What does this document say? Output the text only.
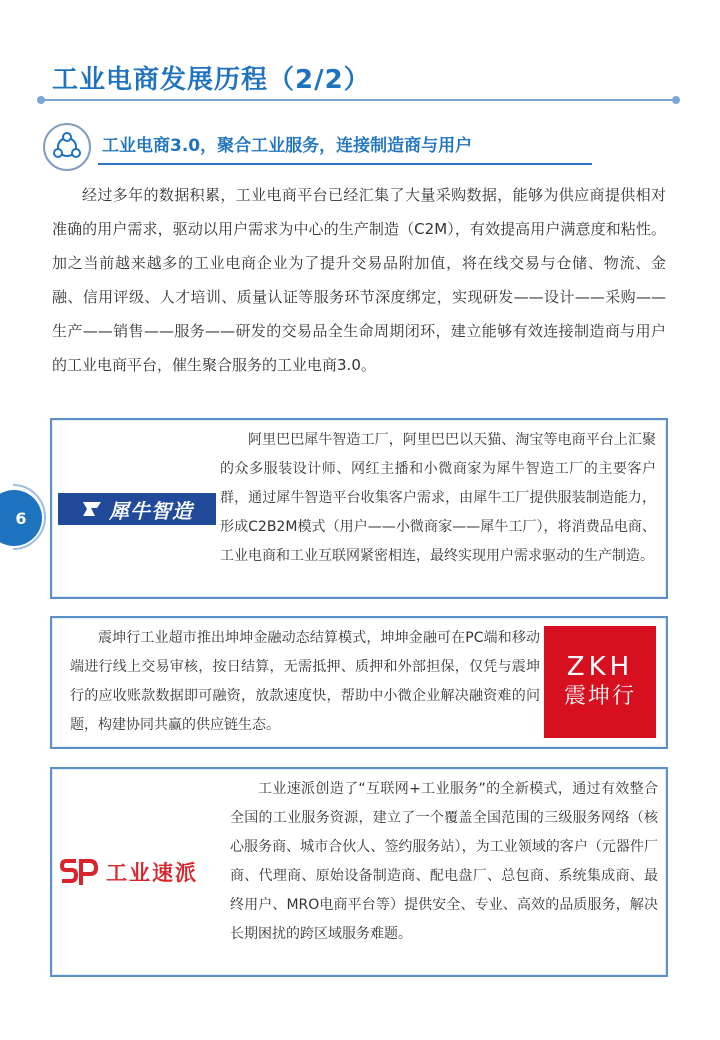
工业电商发展历程（2/2）
工业电商3.0，聚合工业服务，连接制造商与用户

经过多年的数据积累，工业电商平台已经汇集了大量采购数据，能够为供应商提供相对准确的用户需求，驱动以用户需求为中心的生产制造（C2M），有效提高用户满意度和粘性。加之当前越来越多的工业电商企业为了提升交易品附加值，将在线交易与仓储、物流、金融、信用评级、人才培训、质量认证等服务环节深度绑定，实现研发——设计——采购——生产——销售——服务——研发的交易品全生命周期闭环，建立能够有效连接制造商与用户的工业电商平台，催生聚合服务的工业电商3.0。

6	犀牛智造

阿里巴巴犀牛智造工厂，阿里巴巴以天猫、淘宝等电商平台上汇聚的众多服装设计师、网红主播和小微商家为犀牛智造工厂的主要客户群，通过犀牛智造平台收集客户需求，由犀牛工厂提供服装制造能力，形成C2B2M模式（用户——小微商家——犀牛工厂），将消费品电商、工业电商和工业互联网紧密相连，最终实现用户需求驱动的生产制造。

震坤行工业超市推出坤坤金融动态结算模式，坤坤金融可在PC端和移动端进行线上交易审核，按日结算，无需抵押、质押和外部担保，仅凭与震坤行的应收账款数据即可融资，放款速度快，帮助中小微企业解决融资难的问题，构建协同共赢的供应链生态。

ZKH
震坤行
工业速派

工业速派创造了“互联网+工业服务”的全新模式，通过有效整合全国的工业服务资源，建立了一个覆盖全国范围的三级服务网络（核心服务商、城市合伙人、签约服务站），为工业领域的客户（元器件厂商、代理商、原始设备制造商、配电盘厂、总包商、系统集成商、最终用户、MRO电商平台等）提供安全、专业、高效的品质服务，解决长期困扰的跨区域服务难题。
